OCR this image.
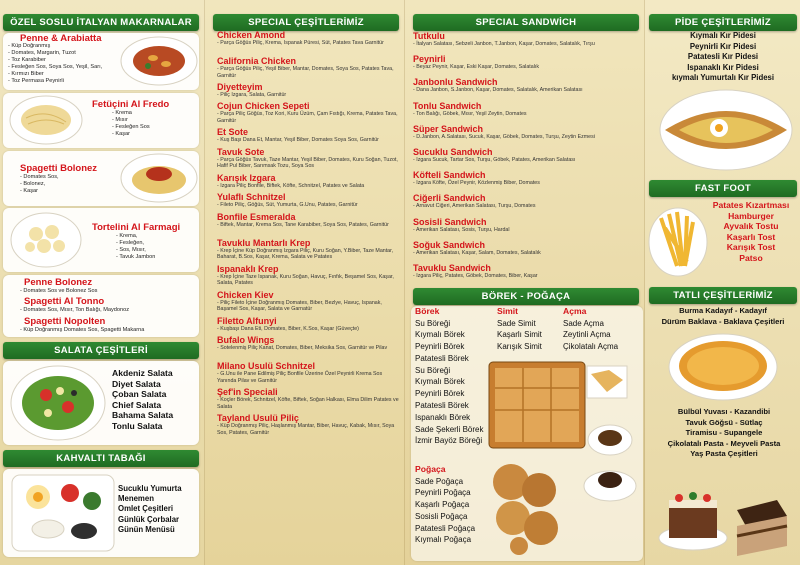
ÖZEL SOSLU İTALYAN MAKARNALAR
Penne & Arabiatta
- Küp Doğranmış
- Domates, Margarin, Tuzot
- Toz Karabiber
- Fesleğen Sos, Soya Sos, Yeşil, Sarı,
- Kırmızı Biber
- Toz Permasa Peynirli
Fetüçini Al Fredo
- Krema
- Mısır
- Fesleğen Sos
- Kaşar
Spagetti Bolonez
- Domates Sos,
- Bolonez,
- Kaşar
Tortelini Al Farmagi
- Krema,
- Fesleğen,
- Sos, Mısır,
- Tavuk Jambon
Penne Bolonez
- Domates Sos ve Bolonez Sos
Spagetti Al Tonno
- Domates Sos, Mısır, Ton Balığı, Maydonoz
Spagetti Nopolten
- Küp Doğranmış Domates Sos, Spagetti Makarna
SALATA ÇEŞİTLERİ
Akdeniz Salata
Diyet Salata
Çoban Salata
Chief Salata
Bahama Salata
Tonlu Salata
KAHVALTI TABAĞI
Sucuklu Yumurta
Menemen
Omlet Çeşitleri
Günlük Çorbalar
Günün Menüsü
SPECIAL ÇEŞİTLERİMİZ
Chicken Amond
- Parça Göğüs Piliç, Krema, Ispanak Püresi, Süt, Patates Tava Garnitür
California Chicken
- Parça Göğüs Piliç, Yeşil Biber, Mantar, Domates, Soya Sos, Patates Tava, Garnitür
Diyetteyim
- Piliç Izgara, Salata, Garnitür
Cojun Chicken Sepeti
- Parça Piliç Göğüs, Toz Kori, Kuru Üzüm, Çam Fıstığı, Krema, Patates Tava, Garnitür
Et Sote
- Kuş Başı Dana Et, Mantar, Yeşil Biber, Domates Soya Sos, Garnitür
Tavuk Sote
- Parça Göğüs Tavuk, Taze Mantar, Yeşil Biber, Domates, Kuru Soğan, Tuzot, Hafif Pul Biber, Sarımsak Tozu, Soya Sos
Karışık Izgara
- Izgara Piliç Bonfile, Biftek, Köfte, Schnitzel, Patates ve Salata
Yulaflı Schnitzel
- Fileto Piliç, Göğüs, Süt, Yumurta, G.Unu, Patates, Garnitür
Bonfile Esmeralda
- Biftek, Mantar, Krema Sos, Tane Karabiber, Soya Sos, Patates, Garnitür
Tavuklu Mantarlı Krep
- Krep İçine Küp Doğranmış Izgara Piliç, Kuru Soğan, Y.Biber, Taze Mantar, Baharat, B.Sos, Kaşar, Krema, Salata ve Patates
Ispanaklı Krep
- Krep İçine Taze Ispanak, Kuru Soğan, Havuç, Fınfık, Beşamel Sos, Kaşar, Salata, Patates
Chicken Kiev
- Piliç Fileto İçine Doğranmış Domates, Biber, Bezlye, Havuç, Ispanak, Başamel Sos, Kaşar, Salata ve Garnatür
Filetto Alfunyi
- Kuşbaşı Dana Eti, Domates, Biber, K.Sos, Kaşar (Güveçte)
Bufalo Wings
- Sotelenmiş Piliç Kanat, Domates, Biber, Meksika Sos, Garnitür ve Pilav
Milano Usulü Schnitzel
- G.Unu ile Pane Edilmiş Piliç Bonfile Üzerine Özel Peynirli Krema Sos Yanında Pilav ve Garnitür
Şef'in Speciali
- Koçler Börek, Schnitzel, Köfte, Biftek, Soğan Halkası, Elma Dilim Patates ve Salata
Tayland Usulü Piliç
- Küp Doğranmış Piliç, Haşlanmış Mantar, Biber, Havuç, Kabak, Mısır, Soya Sos, Patates, Garnitür
SPECIAL SANDWİCH
Tutkulu
- İtalyan Salatası, Sebzeli Janbon, T.Janbon, Kaşar, Domates, Salatalık, Tırşu
Peynirli
- Beyaz Peynir, Kaşar, Eski Kaşar, Domates, Salatalık
Janbonlu Sandwich
- Dana Janbon, S.Janbon, Kaşar, Domates, Salatalık, Amerikan Salatası
Tonlu Sandwich
- Ton Balığı, Göbek, Mısır, Yeşil Zeytin, Domates
Süper Sandwich
- D.Janbon, A.Salatası, Sucuk, Kaşar, Göbek, Domates, Turşu, Zeytin Ezmesi
Sucuklu Sandwich
- Izgara Sucuk, Tartar Sos, Turşu, Göbek, Patates, Amerikan Salatası
Köfteli Sandwich
- Izgara Köfte, Özel Peynir, Közlenmiş Biber, Domates
Ciğerli Sandwich
- Arnavut Ciğeri, Amerikan Salatası, Turşu, Domates
Sosisli Sandwich
- Amerikan Salatası, Sosis, Turşu, Hardal
Soğuk Sandwich
- Amerikan Salatası, Kaşar, Salam, Domates, Salatalık
Tavuklu Sandwich
- Izgara Piliç, Patates, Göbek, Domates, Biber, Kaşar
BÖREK - POĞAÇA
Börek
Su Böreği
Kıymalı Börek
Peynirli Börek
Patatesli Börek
Su Böreği
Kıymalı Börek
Peynirli Börek
Patatesli Börek
Ispanaklı Börek
Sade Şekerli Börek
İzmir Bayöz Böreği
Simit
Sade Simit
Kaşarlı Simit
Karışık Simit
Açma
Sade Açma
Zeytinli Açma
Çikolatalı Açma
Poğaça
Sade Poğaça
Peynirli Poğaça
Kaşarlı Poğaça
Sosisli Poğaça
Patatesli Poğaça
Kıymalı Poğaça
PİDE ÇEŞİTLERİMİZ
Kıymalı Kır Pidesi
Peynirli Kır Pidesi
Patatesli Kır Pidesi
Ispanaklı Kır Pidesi
kıymalı Yumurtalı Kır Pidesi
FAST FOOT
Patates Kızartması
Hamburger
Ayvalık Tostu
Kaşarlı Tost
Karışık Tost
Patso
TATLI ÇEŞİTLERİMİZ
Burma Kadayıf - Kadayıf
Dürüm Baklava - Baklava Çeşitleri
Bülbül Yuvası - Kazandibi
Tavuk Göğsü - Sütlaç
Tiramisu - Supangele
Çikolatalı Pasta - Meyveli Pasta
Yaş Pasta Çeşitleri
